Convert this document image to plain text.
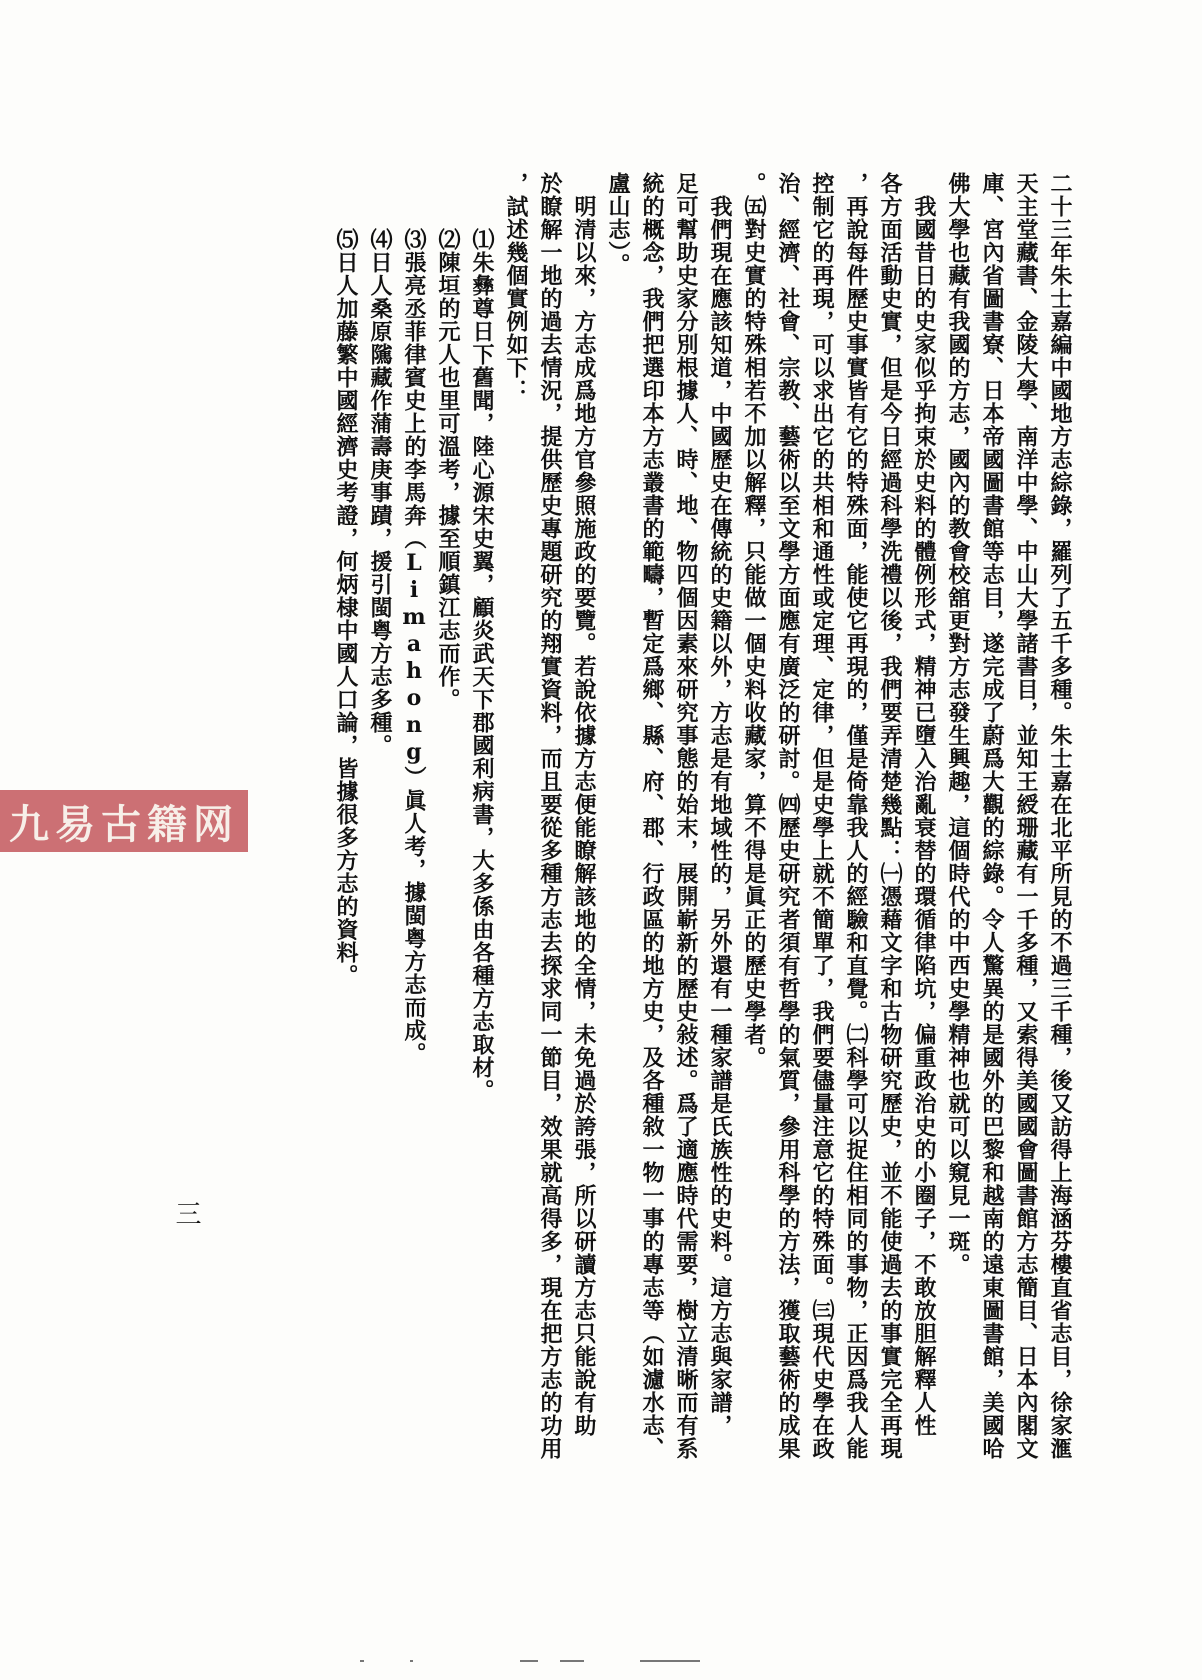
二十三年朱士嘉編中國地方志綜錄，羅列了五千多種。朱士嘉在北平所見的不過三千種，後又訪得上海涵芬樓直省志目，徐家滙
天主堂藏書、金陵大學、南洋中學、中山大學諸書目，並知王綬珊藏有一千多種，又索得美國國會圖書館方志簡目、日本內閣文
庫、宮內省圖書寮、日本帝國圖書館等志目，遂完成了蔚爲大觀的綜錄。令人驚異的是國外的巴黎和越南的遠東圖書館，美國哈
佛大學也藏有我國的方志，國內的教會校舘更對方志發生興趣，這個時代的中西史學精神也就可以窺見一斑。
　我國昔日的史家似乎拘束於史料的體例形式，精神已墮入治亂衰替的環循律陷坑，偏重政治史的小圈子，不敢放胆解釋人性
各方面活動史實，但是今日經過科學洗禮以後，我們要弄清楚幾點：㈠憑藉文字和古物研究歷史，並不能使過去的事實完全再現
，再說每件歷史事實皆有它的特殊面，能使它再現的，僅是倚靠我人的經驗和直覺。㈡科學可以捉住相同的事物，正因爲我人能
控制它的再現，可以求出它的共相和通性或定理、定律，但是史學上就不簡單了，我們要儘量注意它的特殊面。㈢現代史學在政
治、經濟、社會、宗教、藝術以至文學方面應有廣泛的研討。㈣歷史研究者須有哲學的氣質，參用科學的方法，獲取藝術的成果
。㈤對史實的特殊相若不加以解釋，只能做一個史料收藏家，算不得是眞正的歷史學者。
　我們現在應該知道，中國歷史在傳統的史籍以外，方志是有地域性的，另外還有一種家譜是氏族性的史料。這方志與家譜，
足可幫助史家分別根據人、時、地、物四個因素來研究事態的始末，展開嶄新的歷史敍述。爲了適應時代需要，樹立清晰而有系
統的概念，我們把選印本方志叢書的範疇，暫定爲鄉、縣、府、郡、行政區的地方史，及各種敘一物一事的專志等（如濾水志、
盧山志）。
　明清以來，方志成爲地方官參照施政的要覽。若說依據方志便能瞭解該地的全情，未免過於誇張，所以研讀方志只能說有助
於瞭解一地的過去情況，提供歷史專題研究的翔實資料，而且要從多種方志去探求同一節目，效果就高得多，現在把方志的功用
，試述幾個實例如下：
⑴朱彝尊日下舊聞，陸心源宋史翼，顧炎武天下郡國利病書，大多係由各種方志取材。
⑵陳垣的元人也里可溫考，據至順鎮江志而作。
⑶張亮丞菲律賓史上的李馬奔（Limahong）眞人考，據閩粤方志而成。
⑷日人桑原隲藏作蒲壽庚事蹟，援引閩粤方志多種。
⑸日人加藤繁中國經濟史考證，何炳棣中國人口論，皆據很多方志的資料。
三
九易古籍网
